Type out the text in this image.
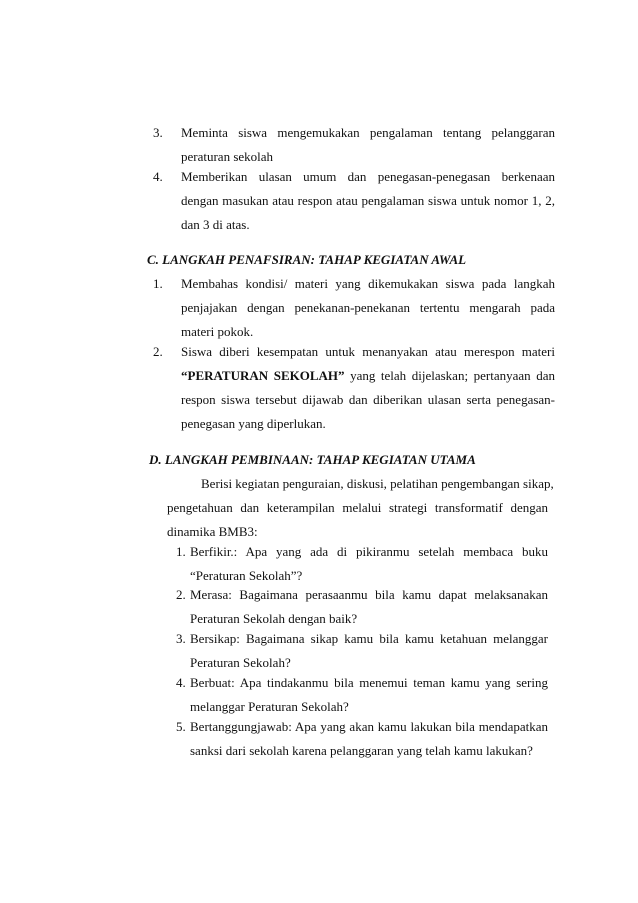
3.	Meminta siswa mengemukakan pengalaman tentang pelanggaran peraturan sekolah
4.	Memberikan ulasan umum dan penegasan-penegasan berkenaan dengan masukan atau respon atau pengalaman siswa untuk nomor 1, 2, dan 3 di atas.
C. LANGKAH PENAFSIRAN: TAHAP KEGIATAN AWAL
1.	Membahas kondisi/ materi yang dikemukakan siswa pada langkah penjajakan dengan penekanan-penekanan tertentu mengarah pada materi pokok.
2.	Siswa diberi kesempatan untuk menanyakan atau merespon materi “PERATURAN SEKOLAH” yang telah dijelaskan; pertanyaan dan respon siswa tersebut dijawab dan diberikan ulasan serta penegasan-penegasan yang diperlukan.
D. LANGKAH PEMBINAAN: TAHAP KEGIATAN UTAMA
Berisi kegiatan penguraian, diskusi, pelatihan pengembangan sikap,
pengetahuan dan keterampilan melalui strategi transformatif dengan
dinamika BMB3:
1. Berfikir.: Apa yang ada di pikiranmu setelah membaca buku “Peraturan Sekolah”?
2. Merasa: Bagaimana perasaanmu bila kamu dapat melaksanakan Peraturan Sekolah dengan baik?
3. Bersikap: Bagaimana sikap kamu bila kamu ketahuan melanggar Peraturan Sekolah?
4. Berbuat: Apa tindakanmu bila menemui teman kamu yang sering melanggar Peraturan Sekolah?
5. Bertanggungjawab: Apa yang akan kamu lakukan bila mendapatkan sanksi dari sekolah karena pelanggaran yang telah kamu lakukan?
